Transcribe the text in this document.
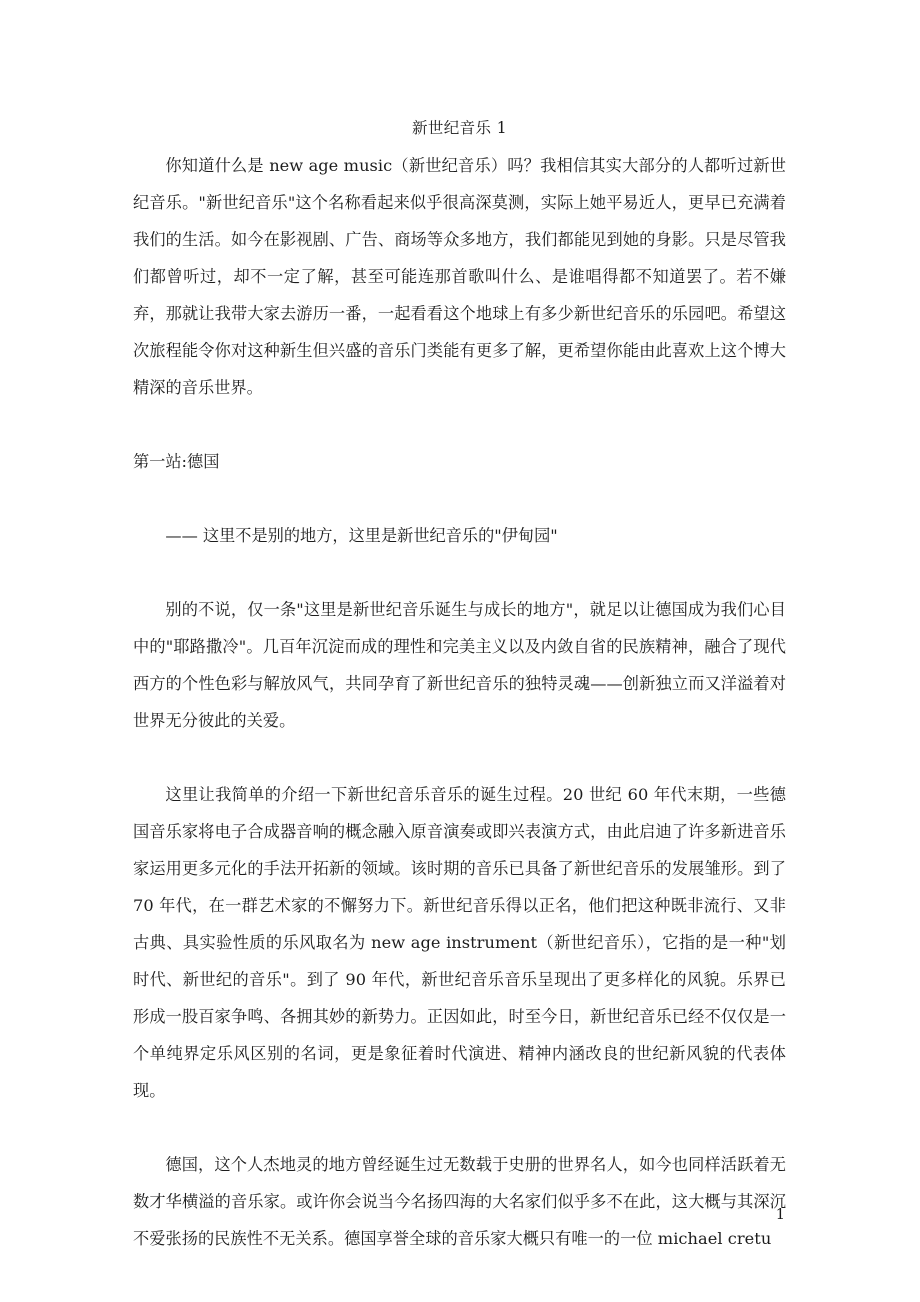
新世纪音乐 1

你知道什么是 new age music（新世纪音乐）吗？我相信其实大部分的人都听过新世纪音乐。"新世纪音乐"这个名称看起来似乎很高深莫测，实际上她平易近人，更早已充满着我们的生活。如今在影视剧、广告、商场等众多地方，我们都能见到她的身影。只是尽管我们都曾听过，却不一定了解，甚至可能连那首歌叫什么、是谁唱得都不知道罢了。若不嫌弃，那就让我带大家去游历一番，一起看看这个地球上有多少新世纪音乐的乐园吧。希望这次旅程能令你对这种新生但兴盛的音乐门类能有更多了解，更希望你能由此喜欢上这个博大精深的音乐世界。

第一站:德国
—— 这里不是别的地方，这里是新世纪音乐的"伊甸园"

别的不说，仅一条"这里是新世纪音乐诞生与成长的地方"，就足以让德国成为我们心目中的"耶路撒冷"。几百年沉淀而成的理性和完美主义以及内敛自省的民族精神，融合了现代西方的个性色彩与解放风气，共同孕育了新世纪音乐的独特灵魂——创新独立而又洋溢着对世界无分彼此的关爱。

这里让我简单的介绍一下新世纪音乐音乐的诞生过程。20 世纪 60 年代末期，一些德国音乐家将电子合成器音响的概念融入原音演奏或即兴表演方式，由此启迪了许多新进音乐家运用更多元化的手法开拓新的领域。该时期的音乐已具备了新世纪音乐的发展雏形。到了 70 年代，在一群艺术家的不懈努力下。新世纪音乐得以正名，他们把这种既非流行、又非古典、具实验性质的乐风取名为 new age instrument（新世纪音乐），它指的是一种"划时代、新世纪的音乐"。到了 90 年代，新世纪音乐音乐呈现出了更多样化的风貌。乐界已形成一股百家争鸣、各拥其妙的新势力。正因如此，时至今日，新世纪音乐已经不仅仅是一个单纯界定乐风区别的名词，更是象征着时代演进、精神内涵改良的世纪新风貌的代表体现。

德国，这个人杰地灵的地方曾经诞生过无数载于史册的世界名人，如今也同样活跃着无数才华横溢的音乐家。或许你会说当今名扬四海的大名家们似乎多不在此，这大概与其深沉不爱张扬的民族性不无关系。德国享誉全球的音乐家大概只有唯一的一位 michael cretu

1
